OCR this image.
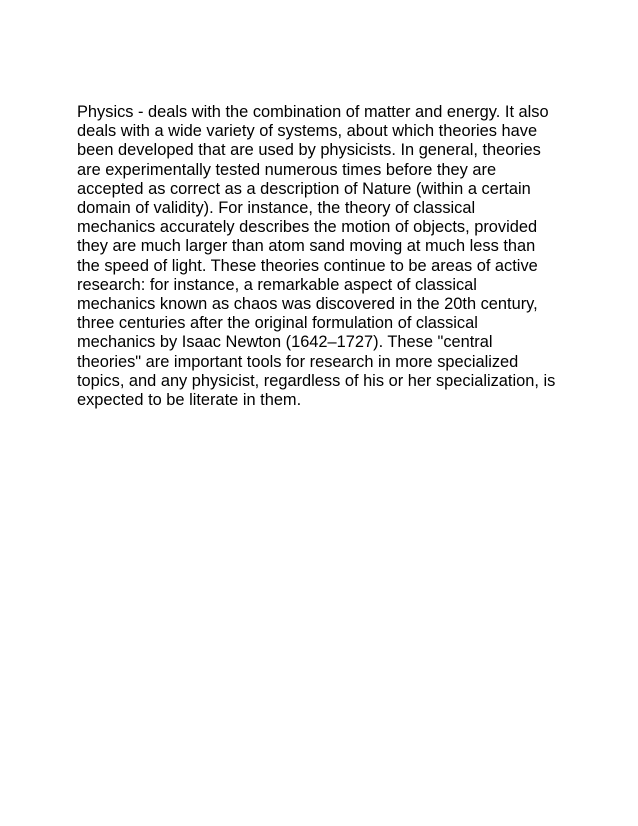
Physics - deals with the combination of matter and energy. It also
deals with a wide variety of systems, about which theories have
been developed that are used by physicists. In general, theories
are experimentally tested numerous times before they are
accepted as correct as a description of Nature (within a certain
domain of validity). For instance, the theory of classical
mechanics accurately describes the motion of objects, provided
they are much larger than atom sand moving at much less than
the speed of light. These theories continue to be areas of active
research: for instance, a remarkable aspect of classical
mechanics known as chaos was discovered in the 20th century,
three centuries after the original formulation of classical
mechanics by Isaac Newton (1642–1727). These "central
theories" are important tools for research in more specialized
topics, and any physicist, regardless of his or her specialization, is
expected to be literate in them.
